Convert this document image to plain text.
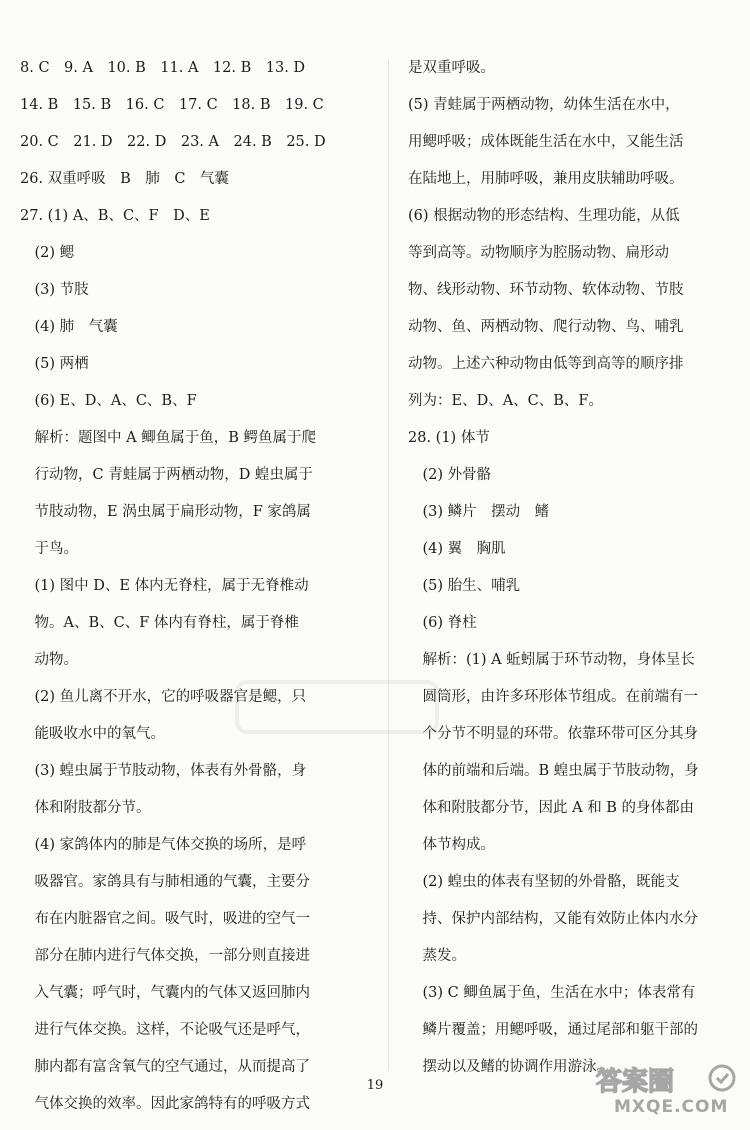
8. C　9. A　10. B　11. A　12. B　13. D
14. B　15. B　16. C　17. C　18. B　19. C
20. C　21. D　22. D　23. A　24. B　25. D
26. 双重呼吸　B　肺　C　气囊
27. (1) A、B、C、F　D、E
　(2) 鳃
　(3) 节肢
　(4) 肺　气囊
　(5) 两栖
　(6) E、D、A、C、B、F
　解析：题图中 A 鲫鱼属于鱼，B 鳄鱼属于爬
　行动物，C 青蛙属于两栖动物，D 蝗虫属于
　节肢动物，E 涡虫属于扁形动物，F 家鸽属
　于鸟。
　(1) 图中 D、E 体内无脊柱，属于无脊椎动
　物。A、B、C、F 体内有脊柱，属于脊椎
　动物。
　(2) 鱼儿离不开水，它的呼吸器官是鳃，只
　能吸收水中的氧气。
　(3) 蝗虫属于节肢动物，体表有外骨骼，身
　体和附肢都分节。
　(4) 家鸽体内的肺是气体交换的场所，是呼
　吸器官。家鸽具有与肺相通的气囊，主要分
　布在内脏器官之间。吸气时，吸进的空气一
　部分在肺内进行气体交换，一部分则直接进
　入气囊；呼气时，气囊内的气体又返回肺内
　进行气体交换。这样，不论吸气还是呼气，
　肺内都有富含氧气的空气通过，从而提高了
　气体交换的效率。因此家鸽特有的呼吸方式
是双重呼吸。
(5) 青蛙属于两栖动物，幼体生活在水中，
用鳃呼吸；成体既能生活在水中，又能生活
在陆地上，用肺呼吸，兼用皮肤辅助呼吸。
(6) 根据动物的形态结构、生理功能，从低
等到高等。动物顺序为腔肠动物、扁形动
物、线形动物、环节动物、软体动物、节肢
动物、鱼、两栖动物、爬行动物、鸟、哺乳
动物。上述六种动物由低等到高等的顺序排
列为：E、D、A、C、B、F。
28. (1) 体节
　(2) 外骨骼
　(3) 鳞片　摆动　鳍
　(4) 翼　胸肌
　(5) 胎生、哺乳
　(6) 脊柱
　解析：(1) A 蚯蚓属于环节动物，身体呈长
　圆筒形，由许多环形体节组成。在前端有一
　个分节不明显的环带。依靠环带可区分其身
　体的前端和后端。B 蝗虫属于节肢动物，身
　体和附肢都分节，因此 A 和 B 的身体都由
　体节构成。
　(2) 蝗虫的体表有坚韧的外骨骼，既能支
　持、保护内部结构，又能有效防止体内水分
　蒸发。
　(3) C 鲫鱼属于鱼，生活在水中；体表常有
　鳞片覆盖；用鳃呼吸，通过尾部和躯干部的
　摆动以及鳍的协调作用游泳。
19	答案圈
MXQE.COM
